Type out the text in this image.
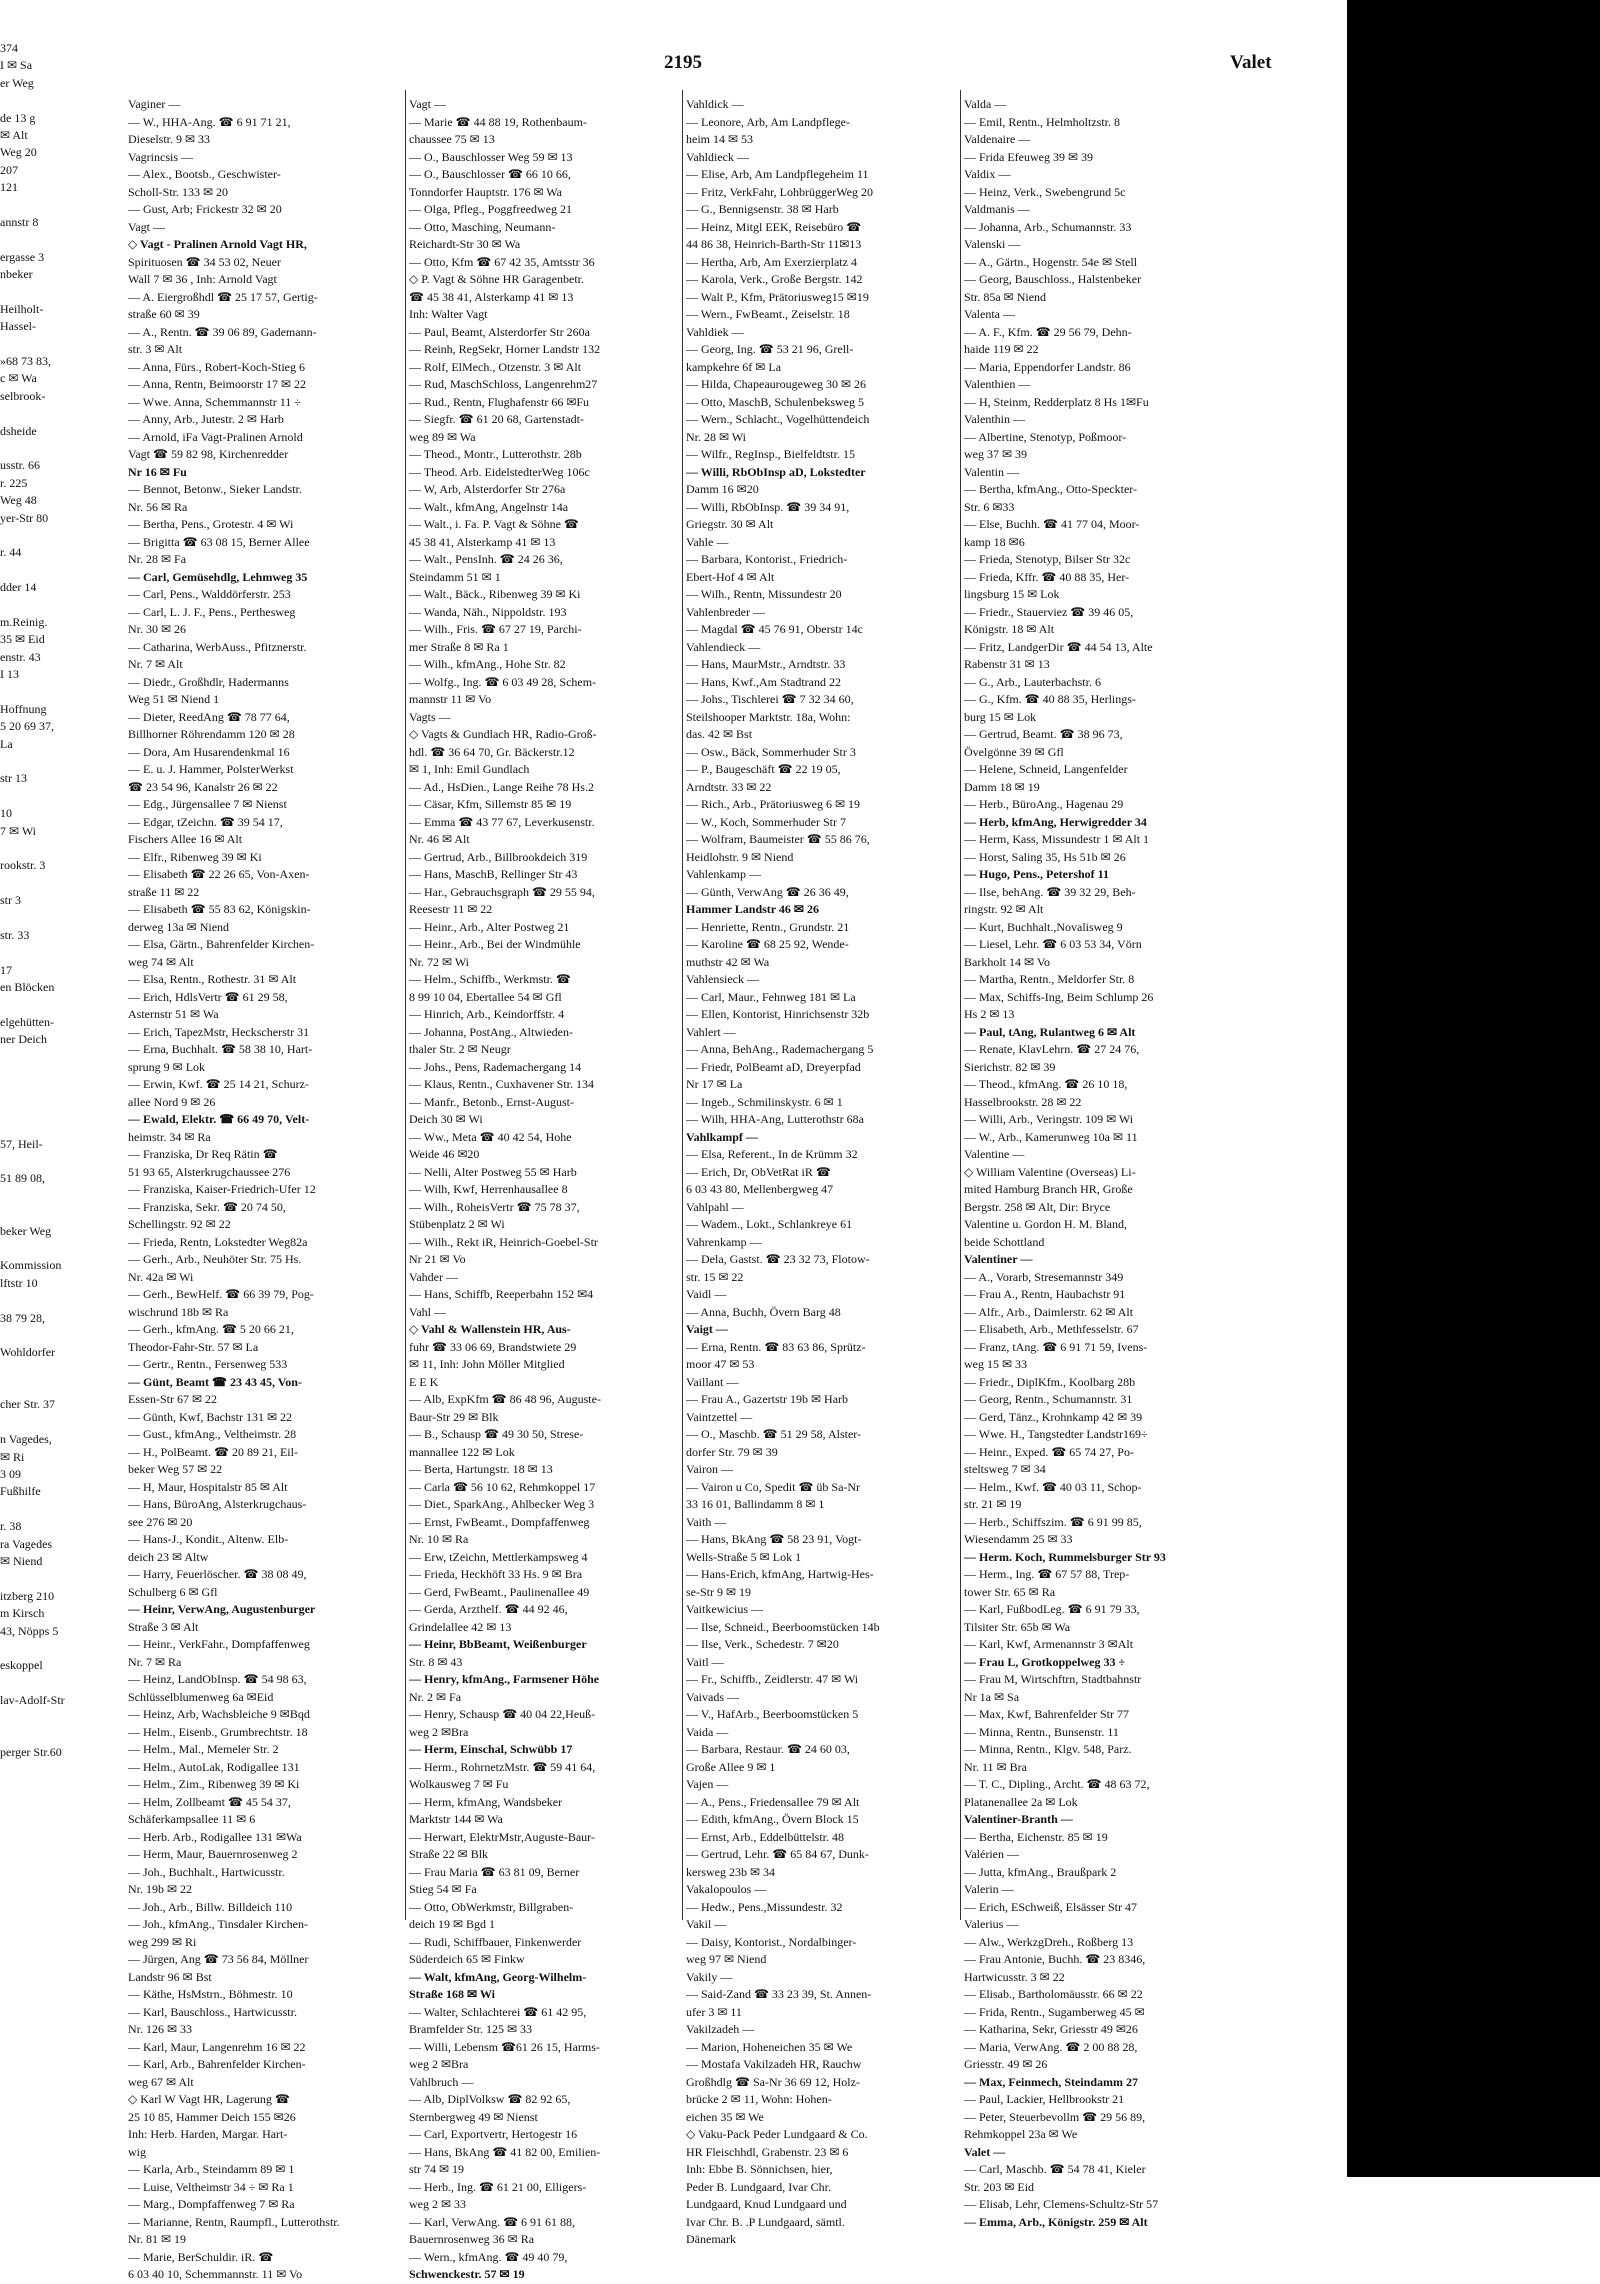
374
I ✉ Sa
er Weg
de 13 g
✉ Alt
Weg 20
207
121
annstr 8
ergasse 3
nbeker
Heilholt-
Hassel-
»68 73 83,
c ✉ Wa
selbrook-
dsheide
usstr. 66
r. 225
Weg 48
yer-Str 80
r. 44
dder 14
m.Reinig.
35 ✉ Eid
enstr. 43
I 13
Hoffnung
5 20 69 37,
La
str 13
10
7 ✉ Wi
rookstr. 3
str 3
str. 33
17
en Blöcken
elgehütten-
ner Deich
57, Heil-
51 89 08,
beker Weg
Kommission
lftstr 10
38 79 28,
Wohldorfer
cher Str. 37
n Vagedes,
✉ Ri
3 09
Fußhilfe
r. 38
ra Vagedes
✉ Niend
itzberg 210
m Kirsch
43, Nöpps 5
eskoppel
lav-Adolf-Str
perger Str.60
2195	Valet
Vaginer —
— W., HHA-Ang. ☎ 6 91 71 21,
Dieselstr. 9 ✉ 33
Vagrincsis —
— Alex., Bootsb., Geschwister-
Scholl-Str. 133 ✉ 20
— Gust, Arb; Frickestr 32 ✉ 20
Vagt —
◇ Vagt - Pralinen Arnold Vagt HR,
Spirituosen ☎ 34 53 02, Neuer
Wall 7 ✉ 36 , Inh: Arnold Vagt
— A. Eiergroßhdl ☎ 25 17 57, Gertig-
straße 60 ✉ 39
— A., Rentn. ☎ 39 06 89, Gademann-
str. 3 ✉ Alt
— Anna, Fürs., Robert-Koch-Stieg 6
— Anna, Rentn, Beimoorstr 17 ✉ 22
— Wwe. Anna, Schemmannstr 11 ÷
— Anny, Arb., Jutestr. 2 ✉ Harb
— Arnold, iFa Vagt-Pralinen Arnold
Vagt ☎ 59 82 98, Kirchenredder
Nr 16 ✉ Fu
— Bennot, Betonw., Sieker Landstr.
Nr. 56 ✉ Ra
— Bertha, Pens., Grotestr. 4 ✉ Wi
— Brigitta ☎ 63 08 15, Berner Allee
Nr. 28 ✉ Fa
— Carl, Gemüsehdlg, Lehmweg 35
— Carl, Pens., Walddörferstr. 253
— Carl, L. J. F., Pens., Perthesweg
Nr. 30 ✉ 26
— Catharina, WerbAuss., Pfitznerstr.
Nr. 7 ✉ Alt
— Diedr., Großhdlr, Hadermanns
Weg 51 ✉ Niend 1
— Dieter, ReedAng ☎ 78 77 64,
Billhorner Röhrendamm 120 ✉ 28
— Dora, Am Husarendenkmal 16
— E. u. J. Hammer, PolsterWerkst
☎ 23 54 96, Kanalstr 26 ✉ 22
— Edg., Jürgensallee 7 ✉ Nienst
— Edgar, tZeichn. ☎ 39 54 17,
Fischers Allee 16 ✉ Alt
— Elfr., Ribenweg 39 ✉ Ki
— Elisabeth ☎ 22 26 65, Von-Axen-
straße 11 ✉ 22
— Elisabeth ☎ 55 83 62, Königskin-
derweg 13a ✉ Niend
— Elsa, Gärtn., Bahrenfelder Kirchen-
weg 74 ✉ Alt
— Elsa, Rentn., Rothestr. 31 ✉ Alt
— Erich, HdlsVertr ☎ 61 29 58,
Asternstr 51 ✉ Wa
— Erich, TapezMstr, Heckscherstr 31
— Erna, Buchhalt. ☎ 58 38 10, Hart-
sprung 9 ✉ Lok
— Erwin, Kwf. ☎ 25 14 21, Schurz-
allee Nord 9 ✉ 26
— Ewald, Elektr. ☎ 66 49 70, Velt-
heimstr. 34 ✉ Ra
— Franziska, Dr Req Rätin ☎
51 93 65, Alsterkrugchaussee 276
— Franziska, Kaiser-Friedrich-Ufer 12
— Franziska, Sekr. ☎ 20 74 50,
Schellingstr. 92 ✉ 22
— Frieda, Rentn, Lokstedter Weg82a
— Gerh., Arb., Neuhöter Str. 75 Hs.
Nr. 42a ✉ Wi
— Gerh., BewHelf. ☎ 66 39 79, Pog-
wischrund 18b ✉ Ra
— Gerh., kfmAng. ☎ 5 20 66 21,
Theodor-Fahr-Str. 57 ✉ La
— Gertr., Rentn., Fersenweg 533
— Günt, Beamt ☎ 23 43 45, Von-
Essen-Str 67 ✉ 22
— Günth, Kwf, Bachstr 131 ✉ 22
— Gust., kfmAng., Veltheimstr. 28
— H., PolBeamt. ☎ 20 89 21, Eil-
beker Weg 57 ✉ 22
— H, Maur, Hospitalstr 85 ✉ Alt
— Hans, BüroAng, Alsterkrugchaus-
see 276 ✉ 20
— Hans-J., Kondit., Altenw. Elb-
deich 23 ✉ Altw
— Harry, Feuerlöscher. ☎ 38 08 49,
Schulberg 6 ✉ Gfl
— Heinr, VerwAng, Augustenburger
Straße 3 ✉ Alt
— Heinr., VerkFahr., Dompfaffenweg
Nr. 7 ✉ Ra
— Heinz, LandObInsp. ☎ 54 98 63,
Schlüsselblumenweg 6a ✉Eid
— Heinz, Arb, Wachsbleiche 9 ✉Bqd
— Helm., Eisenb., Grumbrechtstr. 18
— Helm., Mal., Memeler Str. 2
— Helm., AutoLak, Rodigallee 131
— Helm., Zim., Ribenweg 39 ✉ Ki
— Helm, Zollbeamt ☎ 45 54 37,
Schäferkampsallee 11 ✉ 6
— Herb. Arb., Rodigallee 131 ✉Wa
— Herm, Maur, Bauernrosenweg 2
— Joh., Buchhalt., Hartwicusstr.
Nr. 19b ✉ 22
— Joh., Arb., Billw. Billdeich 110
— Joh., kfmAng., Tinsdaler Kirchen-
weg 299 ✉ Ri
— Jürgen, Ang ☎ 73 56 84, Möllner
Landstr 96 ✉ Bst
— Käthe, HsMstrn., Böhmestr. 10
— Karl, Bauschloss., Hartwicusstr.
Nr. 126 ✉ 33
— Karl, Maur, Langenrehm 16 ✉ 22
— Karl, Arb., Bahrenfelder Kirchen-
weg 67 ✉ Alt
◇ Karl W Vagt HR, Lagerung ☎
25 10 85, Hammer Deich 155 ✉26
Inh: Herb. Harden, Margar. Hart-
wig
— Karla, Arb., Steindamm 89 ✉ 1
— Luise, Veltheimstr 34 ÷ ✉ Ra 1
— Marg., Dompfaffenweg 7 ✉ Ra
— Marianne, Rentn, Raumpfl., Lutterothstr.
Nr. 81 ✉ 19
— Marie, BerSchuldir. iR. ☎
6 03 40 10, Schemmannstr. 11 ✉ Vo
Vagt —
— Marie ☎ 44 88 19, Rothenbaum-
chaussee 75 ✉ 13
— O., Bauschlosser Weg 59 ✉ 13
— O., Bauschlosser ☎ 66 10 66,
Tonndorfer Hauptstr. 176 ✉ Wa
— Olga, Pfleg., Poggfreedweg 21
— Otto, Masching, Neumann-
Reichardt-Str 30 ✉ Wa
— Otto, Kfm ☎ 67 42 35, Amtsstr 36
◇ P. Vagt & Söhne HR Garagenbetr.
☎ 45 38 41, Alsterkamp 41 ✉ 13
Inh: Walter Vagt
— Paul, Beamt, Alsterdorfer Str 260a
— Reinh, RegSekr, Horner Landstr 132
— Rolf, ElMech., Otzenstr. 3 ✉ Alt
— Rud, MaschSchloss, Langenrehm27
— Rud., Rentn, Flughafenstr 66 ✉Fu
— Siegfr. ☎ 61 20 68, Gartenstadt-
weg 89 ✉ Wa
— Theod., Montr., Lutterothstr. 28b
— Theod. Arb. EidelstedterWeg 106c
— W, Arb, Alsterdorfer Str 276a
— Walt., kfmAng, Angelnstr 14a
— Walt., i. Fa. P. Vagt & Söhne ☎
45 38 41, Alsterkamp 41 ✉ 13
— Walt., PensInh. ☎ 24 26 36,
Steindamm 51 ✉ 1
— Walt., Bäck., Ribenweg 39 ✉ Ki
— Wanda, Näh., Nippoldstr. 193
— Wilh., Fris. ☎ 67 27 19, Parchi-
mer Straße 8 ✉ Ra 1
— Wilh., kfmAng., Hohe Str. 82
— Wolfg., Ing. ☎ 6 03 49 28, Schem-
mannstr 11 ✉ Vo
Vagts —
◇ Vagts & Gundlach HR, Radio-Groß-
hdl. ☎ 36 64 70, Gr. Bäckerstr.12
✉ 1, Inh: Emil Gundlach
— Ad., HsDien., Lange Reihe 78 Hs.2
— Cäsar, Kfm, Sillemstr 85 ✉ 19
— Emma ☎ 43 77 67, Leverkusenstr.
Nr. 46 ✉ Alt
— Gertrud, Arb., Billbrookdeich 319
— Hans, MaschB, Rellinger Str 43
— Har., Gebrauchsgraph ☎ 29 55 94,
Reesestr 11 ✉ 22
— Heinr., Arb., Alter Postweg 21
— Heinr., Arb., Bei der Windmühle
Nr. 72 ✉ Wi
— Helm., Schiffb., Werkmstr. ☎
8 99 10 04, Ebertallee 54 ✉ Gfl
— Hinrich, Arb., Keindorffstr. 4
— Johanna, PostAng., Altwieden-
thaler Str. 2 ✉ Neugr
— Johs., Pens, Rademachergang 14
— Klaus, Rentn., Cuxhavener Str. 134
— Manfr., Betonb., Ernst-August-
Deich 30 ✉ Wi
— Ww., Meta ☎ 40 42 54, Hohe
Weide 46 ✉20
— Nelli, Alter Postweg 55 ✉ Harb
— Wilh, Kwf, Herrenhausallee 8
— Wilh., RoheisVertr ☎ 75 78 37,
Stübenplatz 2 ✉ Wi
— Wilh., Rekt iR, Heinrich-Goebel-Str
Nr 21 ✉ Vo
Vahder —
— Hans, Schiffb, Reeperbahn 152 ✉4
Vahl —
◇ Vahl & Wallenstein HR, Aus-
fuhr ☎ 33 06 69, Brandstwiete 29
✉ 11, Inh: John Möller Mitglied
E E K
— Alb, ExpKfm ☎ 86 48 96, Auguste-
Baur-Str 29 ✉ Blk
— B., Schausp ☎ 49 30 50, Strese-
mannallee 122 ✉ Lok
— Berta, Hartungstr. 18 ✉ 13
— Carla ☎ 56 10 62, Rehmkoppel 17
— Diet., SparkAng., Ahlbecker Weg 3
— Ernst, FwBeamt., Dompfaffenweg
Nr. 10 ✉ Ra
— Erw, tZeichn, Mettlerkampsweg 4
— Frieda, Heckhöft 33 Hs. 9 ✉ Bra
— Gerd, FwBeamt., Paulinenallee 49
— Gerda, Arzthelf. ☎ 44 92 46,
Grindelallee 42 ✉ 13
— Heinr, BbBeamt, Weißenburger
Str. 8 ✉ 43
— Henry, kfmAng., Farmsener Höhe
Nr. 2 ✉ Fa
— Henry, Schausp ☎ 40 04 22,Heuß-
weg 2 ✉Bra
— Herm, Einschal, Schwübb 17
— Herm., RohrnetzMstr. ☎ 59 41 64,
Wolkausweg 7 ✉ Fu
— Herm, kfmAng, Wandsbeker
Marktstr 144 ✉ Wa
— Herwart, ElektrMstr,Auguste-Baur-
Straße 22 ✉ Blk
— Frau Maria ☎ 63 81 09, Berner
Stieg 54 ✉ Fa
— Otto, ObWerkmstr, Billgraben-
deich 19 ✉ Bgd 1
— Rudi, Schiffbauer, Finkenwerder
Süderdeich 65 ✉ Finkw
— Walt, kfmAng, Georg-Wilhelm-
Straße 168 ✉ Wi
— Walter, Schlachterei ☎ 61 42 95,
Bramfelder Str. 125 ✉ 33
— Willi, Lebensm ☎61 26 15, Harms-
weg 2 ✉Bra
Vahlbruch —
— Alb, DiplVolksw ☎ 82 92 65,
Sternbergweg 49 ✉ Nienst
— Carl, Exportvertr, Hertogestr 16
— Hans, BkAng ☎ 41 82 00, Emilien-
str 74 ✉ 19
— Herb., Ing. ☎ 61 21 00, Elligers-
weg 2 ✉ 33
— Karl, VerwAng. ☎ 6 91 61 88,
Bauernrosenweg 36 ✉ Ra
— Wern., kfmAng. ☎ 49 40 79,
Schwenckestr. 57 ✉ 19
Vahldick —
— Leonore, Arb, Am Landpflege-
heim 14 ✉ 53
Vahldieck —
— Elise, Arb, Am Landpflegeheim 11
— Fritz, VerkFahr, LohbrüggerWeg 20
— G., Bennigsenstr. 38 ✉ Harb
— Heinz, Mitgl EEK, Reisebüro ☎
44 86 38, Heinrich-Barth-Str 11✉13
— Hertha, Arb, Am Exerzierplatz 4
— Karola, Verk., Große Bergstr. 142
— Walt P., Kfm, Prätoriusweg15 ✉19
— Wern., FwBeamt., Zeiselstr. 18
Vahldiek —
— Georg, Ing. ☎ 53 21 96, Grell-
kampkehre 6f ✉ La
— Hilda, Chapeaurougeweg 30 ✉ 26
— Otto, MaschB, Schulenbeksweg 5
— Wern., Schlacht., Vogelhüttendeich
Nr. 28 ✉ Wi
— Wilfr., RegInsp., Bielfeldtstr. 15
— Willi, RbObInsp aD, Lokstedter
Damm 16 ✉20
— Willi, RbObInsp. ☎ 39 34 91,
Griegstr. 30 ✉ Alt
Vahle —
— Barbara, Kontorist., Friedrich-
Ebert-Hof 4 ✉ Alt
— Wilh., Rentn, Missundestr 20
Vahlenbreder —
— Magdal ☎ 45 76 91, Oberstr 14c
Vahlendieck —
— Hans, MaurMstr., Arndtstr. 33
— Hans, Kwf.,Am Stadtrand 22
— Johs., Tischlerei ☎ 7 32 34 60,
Steilshooper Marktstr. 18a, Wohn:
das. 42 ✉ Bst
— Osw., Bäck, Sommerhuder Str 3
— P., Baugeschäft ☎ 22 19 05,
Arndtstr. 33 ✉ 22
— Rich., Arb., Prätoriusweg 6 ✉ 19
— W., Koch, Sommerhuder Str 7
— Wolfram, Baumeister ☎ 55 86 76,
Heidlohstr. 9 ✉ Niend
Vahlenkamp —
— Günth, VerwAng ☎ 26 36 49,
Hammer Landstr 46 ✉ 26
— Henriette, Rentn., Grundstr. 21
— Karoline ☎ 68 25 92, Wende-
muthstr 42 ✉ Wa
Vahlensieck —
— Carl, Maur., Fehnweg 181 ✉ La
— Ellen, Kontorist, Hinrichsenstr 32b
Vahlert —
— Anna, BehAng., Rademachergang 5
— Friedr, PolBeamt aD, Dreyerpfad
Nr 17 ✉ La
— Ingeb., Schmilinskystr. 6 ✉ 1
— Wilh, HHA-Ang, Lutterothstr 68a
Vahlkampf —
— Elsa, Referent., In de Krümm 32
— Erich, Dr, ObVetRat iR ☎
6 03 43 80, Mellenbergweg 47
Vahlpahl —
— Wadem., Lokt., Schlankreye 61
Vahrenkamp —
— Dela, Gastst. ☎ 23 32 73, Flotow-
str. 15 ✉ 22
Vaidl —
— Anna, Buchh, Övern Barg 48
Vaigt —
— Erna, Rentn. ☎ 83 63 86, Sprütz-
moor 47 ✉ 53
Vaillant —
— Frau A., Gazertstr 19b ✉ Harb
Vaintzettel —
— O., Maschb. ☎ 51 29 58, Alster-
dorfer Str. 79 ✉ 39
Vairon —
— Vairon u Co, Spedit ☎ üb Sa-Nr
33 16 01, Ballindamm 8 ✉ 1
Vaith —
— Hans, BkAng ☎ 58 23 91, Vogt-
Wells-Straße 5 ✉ Lok 1
— Hans-Erich, kfmAng, Hartwig-Hes-
se-Str 9 ✉ 19
Vaitkewicius —
— Ilse, Schneid., Beerboomstücken 14b
— Ilse, Verk., Schedestr. 7 ✉20
Vaitl —
— Fr., Schiffb., Zeidlerstr. 47 ✉ Wi
Vaivads —
— V., HafArb., Beerboomstücken 5
Vaida —
— Barbara, Restaur. ☎ 24 60 03,
Große Allee 9 ✉ 1
Vajen —
— A., Pens., Friedensallee 79 ✉ Alt
— Edith, kfmAng., Övern Block 15
— Ernst, Arb., Eddelbüttelstr. 48
— Gertrud, Lehr. ☎ 65 84 67, Dunk-
kersweg 23b ✉ 34
Vakalopoulos —
— Hedw., Pens.,Missundestr. 32
Vakil —
— Daisy, Kontorist., Nordalbinger-
weg 97 ✉ Niend
Vakily —
— Said-Zand ☎ 33 23 39, St. Annen-
ufer 3 ✉ 11
Vakilzadeh —
— Marion, Hoheneichen 35 ✉ We
— Mostafa Vakilzadeh HR, Rauchw
Großhdlg ☎ Sa-Nr 36 69 12, Holz-
brücke 2 ✉ 11, Wohn: Hohen-
eichen 35 ✉ We
◇ Vaku-Pack Peder Lundgaard & Co.
HR Fleischhdl, Grabenstr. 23 ✉ 6
Inh: Ebbe B. Sönnichsen, hier,
Peder B. Lundgaard, Ivar Chr.
Lundgaard, Knud Lundgaard und
Ivar Chr. B. .P Lundgaard, sämtl.
Dänemark
Valda —
— Emil, Rentn., Helmholtzstr. 8
Valdenaire —
— Frida Efeuweg 39 ✉ 39
Valdix —
— Heinz, Verk., Swebengrund 5c
Valdmanis —
— Johanna, Arb., Schumannstr. 33
Valenski —
— A., Gärtn., Hogenstr. 54e ✉ Stell
— Georg, Bauschloss., Halstenbeker
Str. 85a ✉ Niend
Valenta —
— A. F., Kfm. ☎ 29 56 79, Dehn-
haide 119 ✉ 22
— Maria, Eppendorfer Landstr. 86
Valenthien —
— H, Steinm, Redderplatz 8 Hs 1✉Fu
Valenthin —
— Albertine, Stenotyp, Poßmoor-
weg 37 ✉ 39
Valentin —
— Bertha, kfmAng., Otto-Speckter-
Str. 6 ✉33
— Else, Buchh. ☎ 41 77 04, Moor-
kamp 18 ✉6
— Frieda, Stenotyp, Bilser Str 32c
— Frieda, Kffr. ☎ 40 88 35, Her-
lingsburg 15 ✉ Lok
— Friedr., Stauerviez ☎ 39 46 05,
Königstr. 18 ✉ Alt
— Fritz, LandgerDir ☎ 44 54 13, Alte
Rabenstr 31 ✉ 13
— G., Arb., Lauterbachstr. 6
— G., Kfm. ☎ 40 88 35, Herlings-
burg 15 ✉ Lok
— Gertrud, Beamt. ☎ 38 96 73,
Övelgönne 39 ✉ Gfl
— Helene, Schneid, Langenfelder
Damm 18 ✉ 19
— Herb., BüroAng., Hagenau 29
— Herb, kfmAng, Herwigredder 34
— Herm, Kass, Missundestr 1 ✉ Alt 1
— Horst, Saling 35, Hs 51b ✉ 26
— Hugo, Pens., Petershof 11
— Ilse, behAng. ☎ 39 32 29, Beh-
ringstr. 92 ✉ Alt
— Kurt, Buchhalt.,Novalisweg 9
— Liesel, Lehr. ☎ 6 03 53 34, Vörn
Barkholt 14 ✉ Vo
— Martha, Rentn., Meldorfer Str. 8
— Max, Schiffs-Ing, Beim Schlump 26
Hs 2 ✉ 13
— Paul, tAng, Rulantweg 6 ✉ Alt
— Renate, KlavLehrn. ☎ 27 24 76,
Sierichstr. 82 ✉ 39
— Theod., kfmAng. ☎ 26 10 18,
Hasselbrookstr. 28 ✉ 22
— Willi, Arb., Veringstr. 109 ✉ Wi
— W., Arb., Kamerunweg 10a ✉ 11
Valentine —
◇ William Valentine (Overseas) Li-
mited Hamburg Branch HR, Große
Bergstr. 258 ✉ Alt, Dir: Bryce
Valentine u. Gordon H. M. Bland,
beide Schottland
Valentiner —
— A., Vorarb, Stresemannstr 349
— Frau A., Rentn, Haubachstr 91
— Alfr., Arb., Daimlerstr. 62 ✉ Alt
— Elisabeth, Arb., Methfesselstr. 67
— Franz, tAng. ☎ 6 91 71 59, Ivens-
weg 15 ✉ 33
— Friedr., DiplKfm., Koolbarg 28b
— Georg, Rentn., Schumannstr. 31
— Gerd, Tänz., Krohnkamp 42 ✉ 39
— Wwe. H., Tangstedter Landstr169÷
— Heinr., Exped. ☎ 65 74 27, Po-
steltsweg 7 ✉ 34
— Helm., Kwf. ☎ 40 03 11, Schop-
str. 21 ✉ 19
— Herb., Schiffszim. ☎ 6 91 99 85,
Wiesendamm 25 ✉ 33
— Herm. Koch, Rummelsburger Str 93
— Herm., Ing. ☎ 67 57 88, Trep-
tower Str. 65 ✉ Ra
— Karl, FußbodLeg. ☎ 6 91 79 33,
Tilsiter Str. 65b ✉ Wa
— Karl, Kwf, Armenannstr 3 ✉Alt
— Frau L, Grotkoppelweg 33 ÷
— Frau M, Wirtschftrn, Stadtbahnstr
Nr 1a ✉ Sa
— Max, Kwf, Bahrenfelder Str 77
— Minna, Rentn., Bunsenstr. 11
— Minna, Rentn., Klgv. 548, Parz.
Nr. 11 ✉ Bra
— T. C., Dipling., Archt. ☎ 48 63 72,
Platanenallee 2a ✉ Lok
Valentiner-Branth —
— Bertha, Eichenstr. 85 ✉ 19
Valérien —
— Jutta, kfmAng., Braußpark 2
Valerin —
— Erich, ESchweiß, Elsässer Str 47
Valerius —
— Alw., WerkzgDreh., Roßberg 13
— Frau Antonie, Buchh. ☎ 23 8346,
Hartwicusstr. 3 ✉ 22
— Elisab., Bartholomäusstr. 66 ✉ 22
— Frida, Rentn., Sugamberweg 45 ✉
— Katharina, Sekr, Griesstr 49 ✉26
— Maria, VerwAng. ☎ 2 00 88 28,
Griesstr. 49 ✉ 26
— Max, Feinmech, Steindamm 27
— Paul, Lackier, Hellbrookstr 21
— Peter, Steuerbevollm ☎ 29 56 89,
Rehmkoppel 23a ✉ We
Valet —
— Carl, Maschb. ☎ 54 78 41, Kieler
Str. 203 ✉ Eid
— Elisab, Lehr, Clemens-Schultz-Str 57
— Emma, Arb., Königstr. 259 ✉ Alt
